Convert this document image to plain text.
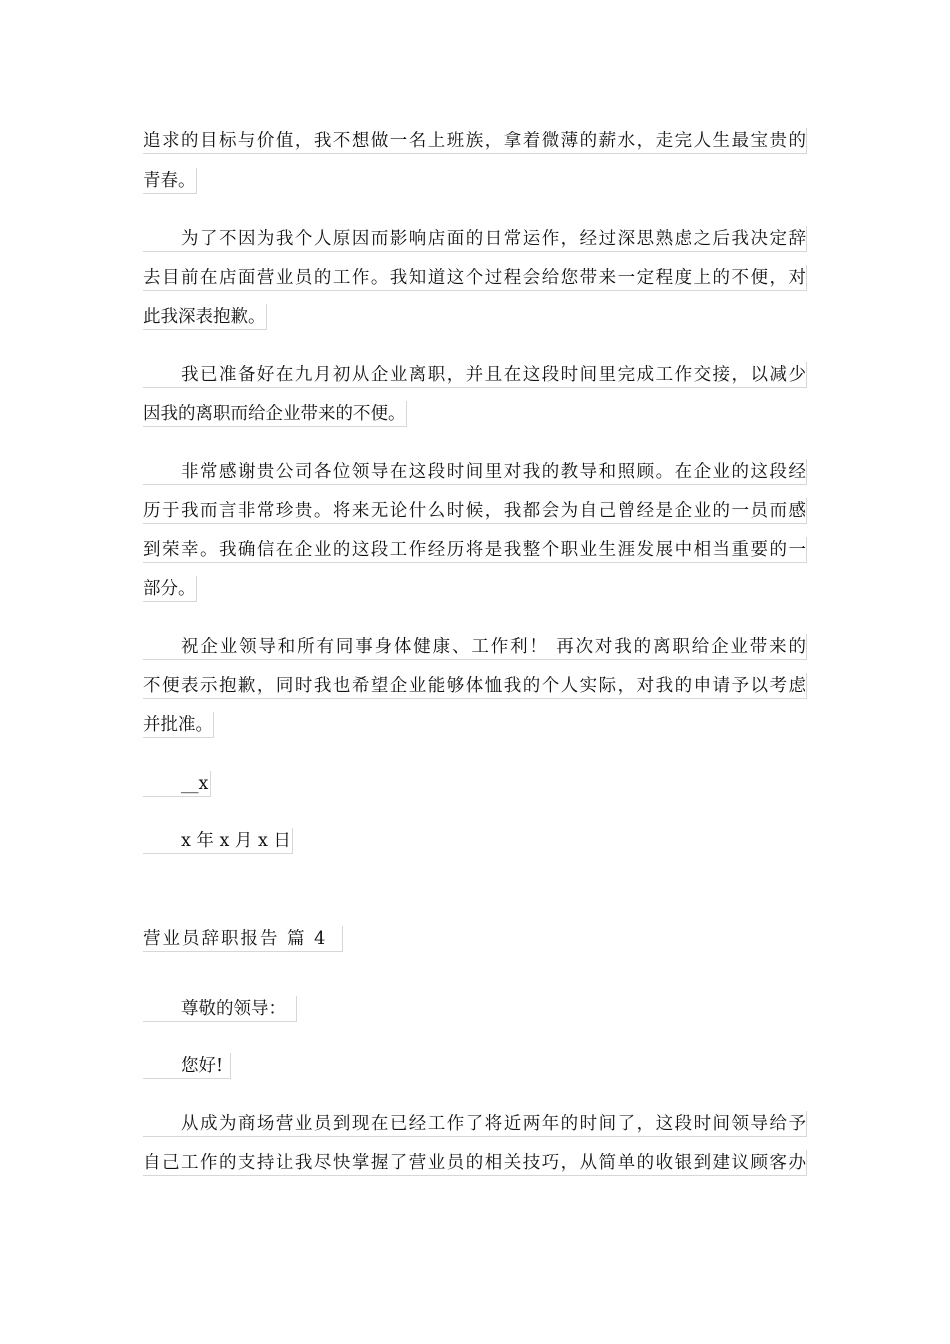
追求的目标与价值，我不想做一名上班族，拿着微薄的薪水，走完人生最宝贵的
青春。
为了不因为我个人原因而影响店面的日常运作，经过深思熟虑之后我决定辞
去目前在店面营业员的工作。我知道这个过程会给您带来一定程度上的不便，对
此我深表抱歉。
我已准备好在九月初从企业离职，并且在这段时间里完成工作交接，以减少
因我的离职而给企业带来的不便。
非常感谢贵公司各位领导在这段时间里对我的教导和照顾。在企业的这段经
历于我而言非常珍贵。将来无论什么时候，我都会为自己曾经是企业的一员而感
到荣幸。我确信在企业的这段工作经历将是我整个职业生涯发展中相当重要的一
部分。
祝企业领导和所有同事身体健康、工作利！ 再次对我的离职给企业带来的
不便表示抱歉，同时我也希望企业能够体恤我的个人实际，对我的申请予以考虑
并批准。
__x
x 年 x 月 x 日
营业员辞职报告 篇 4
尊敬的领导：
您好!
从成为商场营业员到现在已经工作了将近两年的时间了，这段时间领导给予
自己工作的支持让我尽快掌握了营业员的相关技巧，从简单的收银到建议顾客办
